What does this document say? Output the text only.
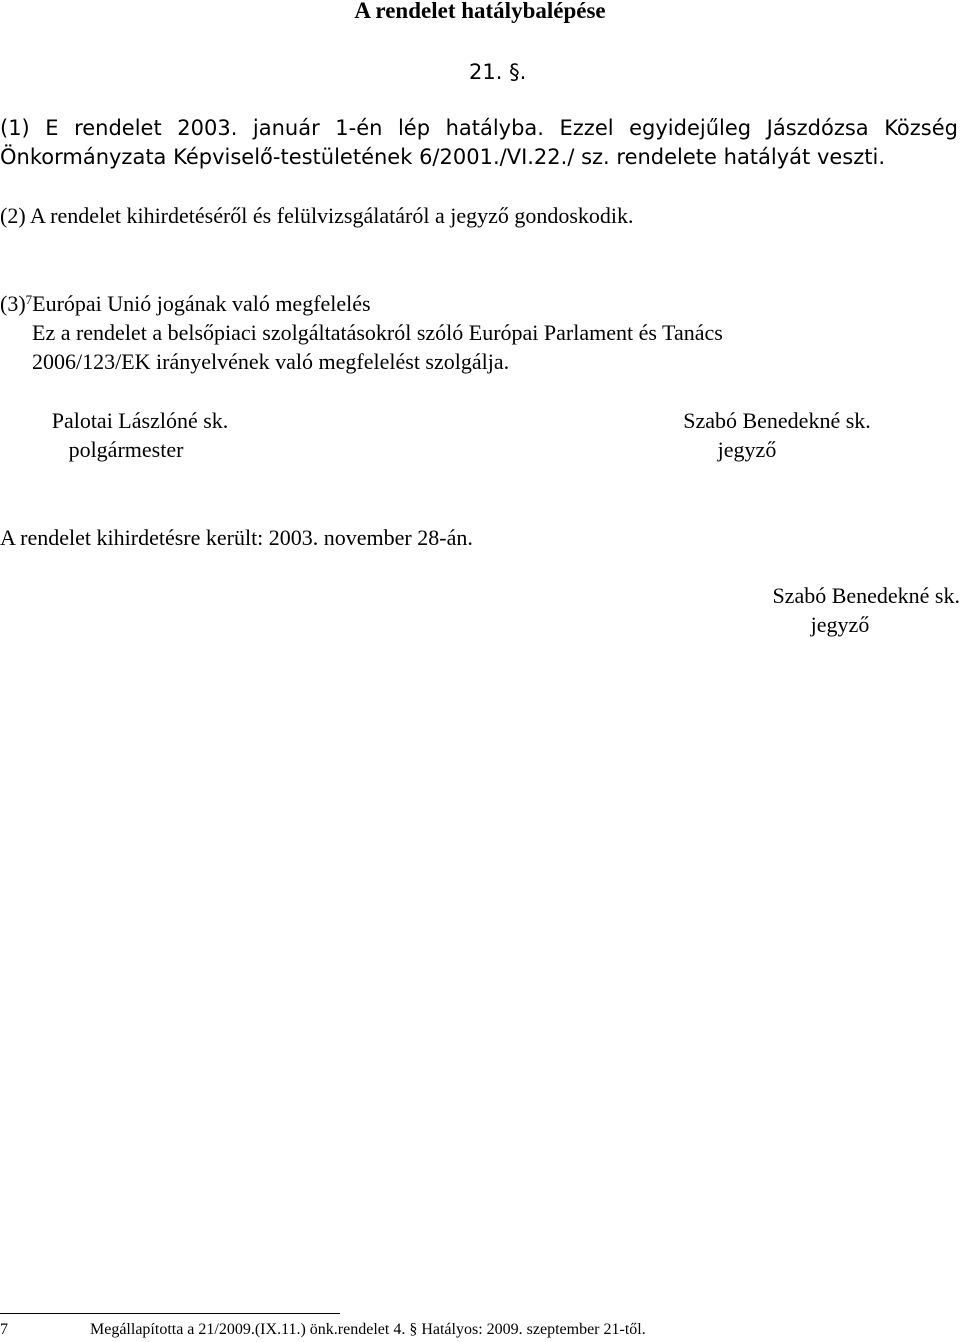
A rendelet hatálybalépése
21. §.
(1) E rendelet 2003. január 1-én lép hatályba. Ezzel egyidejűleg Jászdózsa Község
Önkormányzata Képviselő-testületének 6/2001./VI.22./ sz. rendelete hatályát veszti.
(2) A rendelet kihirdetéséről és felülvizsgálatáról a jegyző gondoskodik.
$(3)^7Európai$ Unió jogának való megfelelés
Ez a rendelet a belsőpiaci szolgáltatásokról szóló Európai Parlament és Tanács
2006/123/EK irányelvének való megfelelést szolgálja.
Palotai Lászlóné sk.
polgármester
Szabó Benedekné sk.
jegyző
A rendelet kihirdetésre került: 2003. november 28-án.
Szabó Benedekné sk.
jegyző
7	Megállapította a 21/2009.(IX.11.) önk.rendelet 4. § Hatályos: 2009. szeptember 21-től.
